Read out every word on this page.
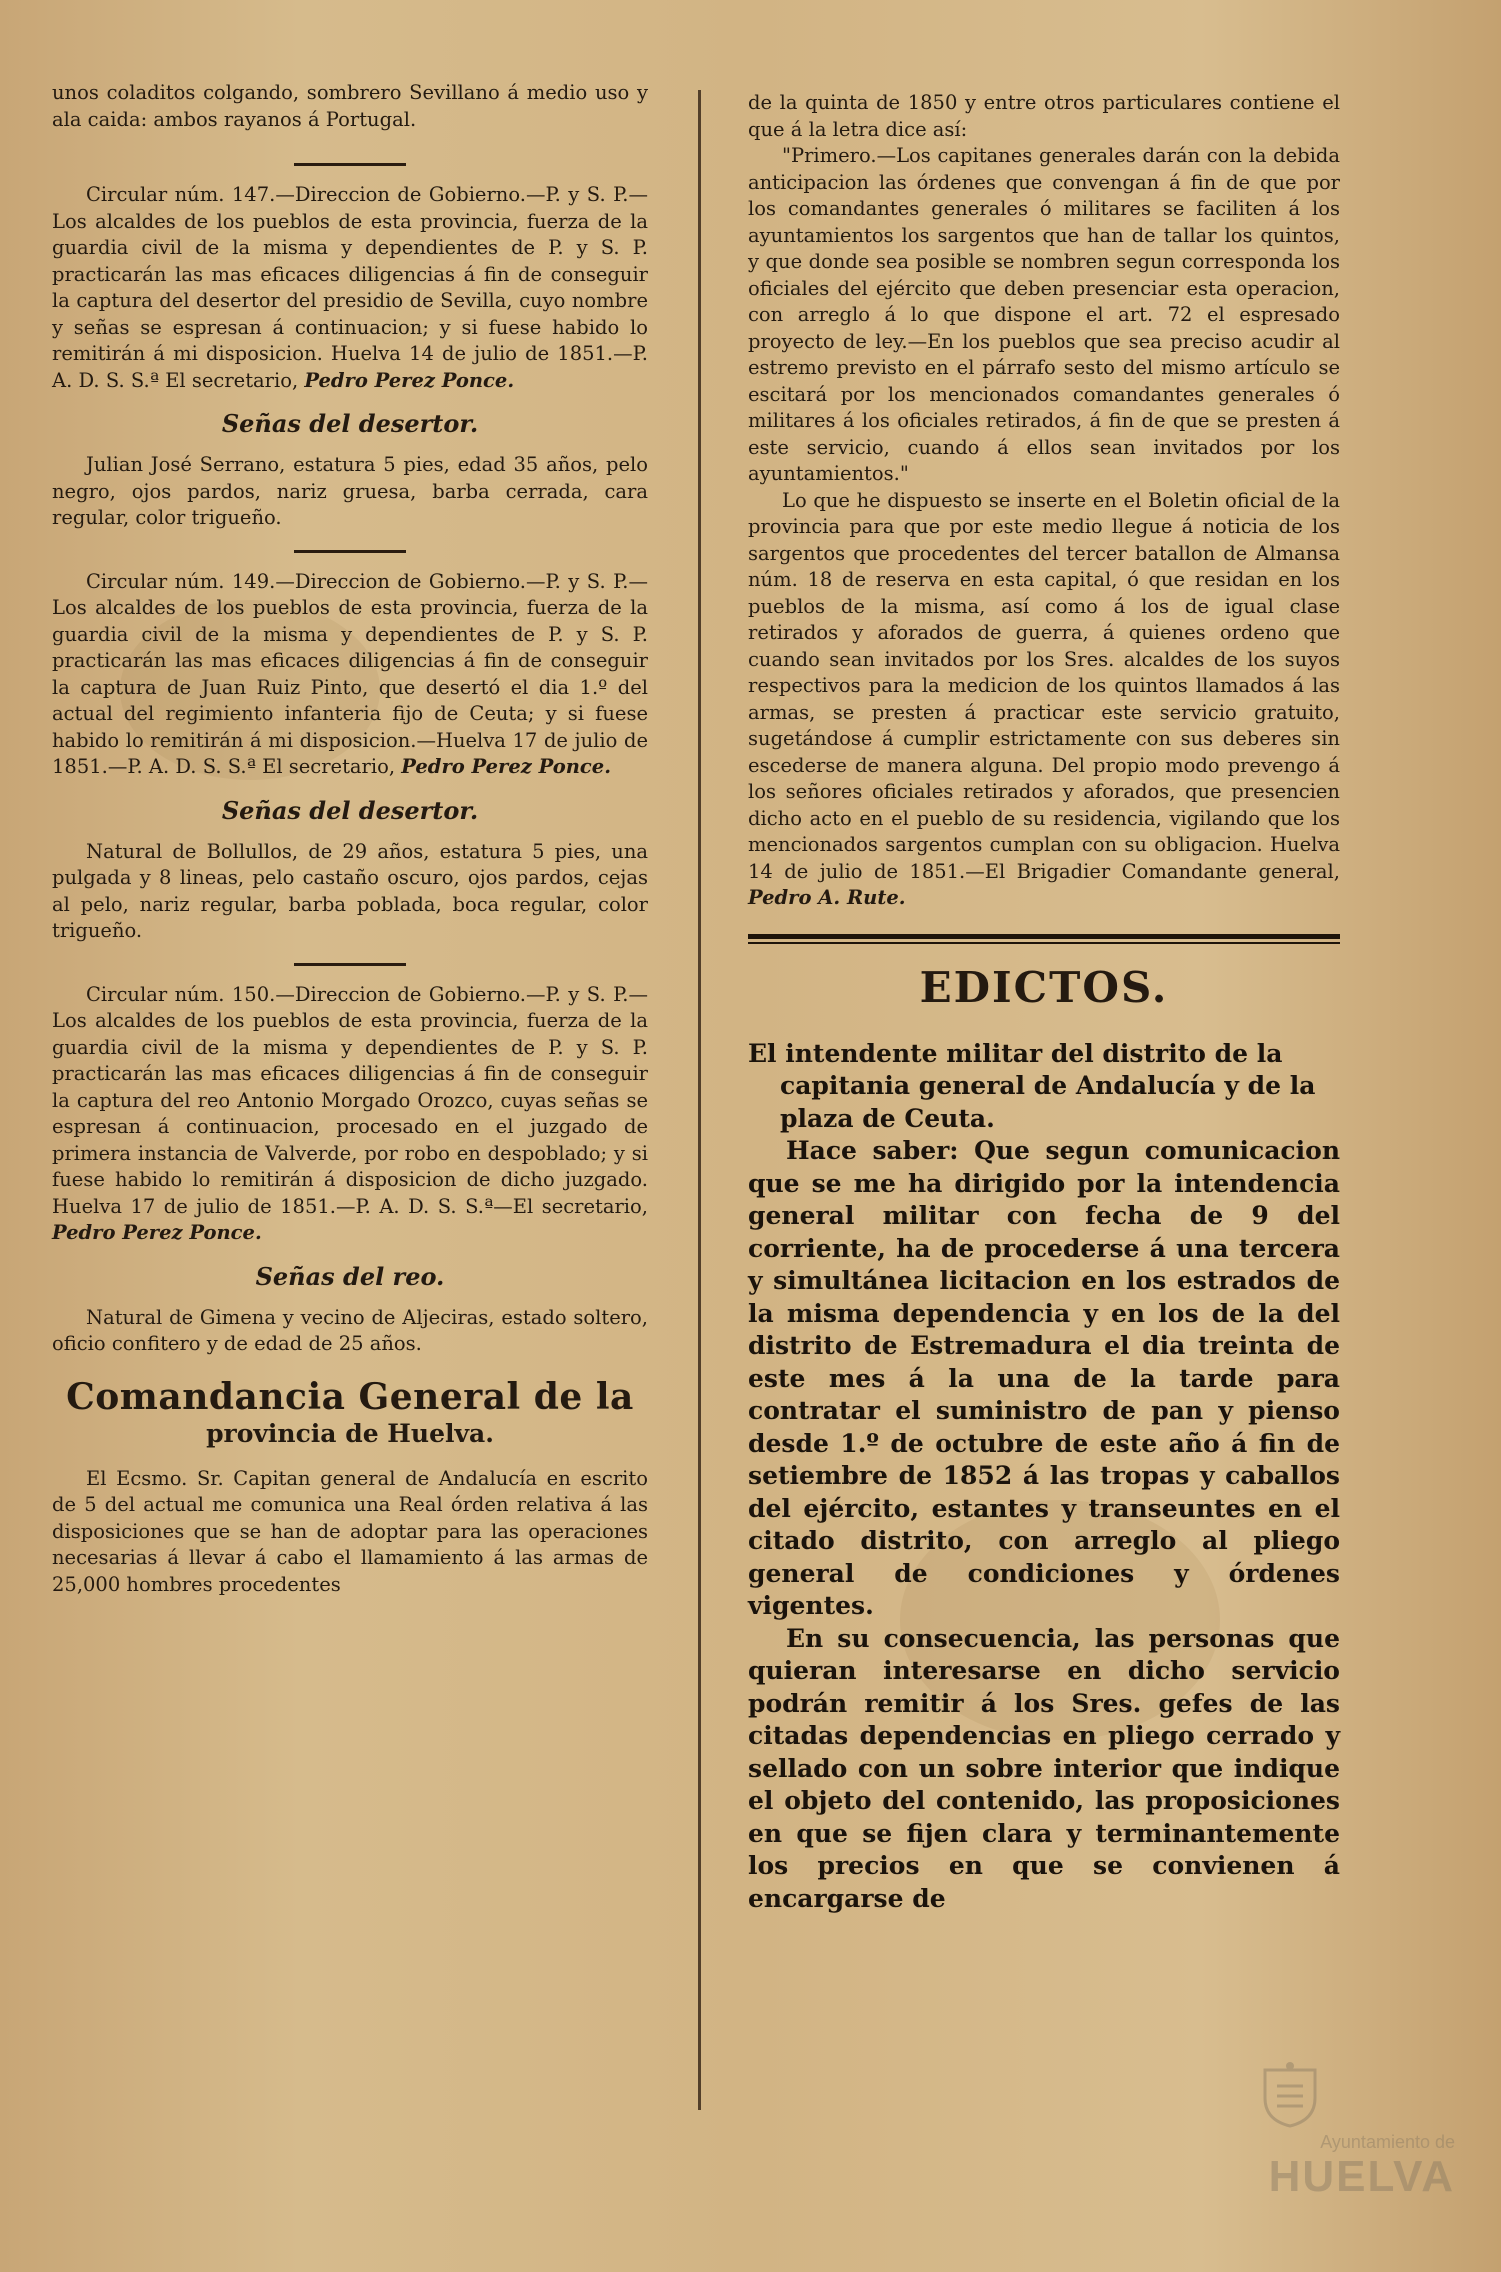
unos coladitos colgando, sombrero Sevillano á medio uso y ala caida: ambos rayanos á Portugal.

Circular núm. 147.—Direccion de Gobierno.—P. y S. P.—Los alcaldes de los pueblos de esta provincia, fuerza de la guardia civil de la misma y dependientes de P. y S. P. practicarán las mas eficaces diligencias á fin de conseguir la captura del desertor del presidio de Sevilla, cuyo nombre y señas se espresan á continuacion; y si fuese habido lo remitirán á mi disposicion. Huelva 14 de julio de 1851.—P. A. D. S. S.ª El secretario, Pedro Perez Ponce.

Señas del desertor.

Julian José Serrano, estatura 5 pies, edad 35 años, pelo negro, ojos pardos, nariz gruesa, barba cerrada, cara regular, color trigueño.

Circular núm. 149.—Direccion de Gobierno.—P. y S. P.—Los alcaldes de los pueblos de esta provincia, fuerza de la guardia civil de la misma y dependientes de P. y S. P. practicarán las mas eficaces diligencias á fin de conseguir la captura de Juan Ruiz Pinto, que desertó el dia 1.º del actual del regimiento infanteria fijo de Ceuta; y si fuese habido lo remitirán á mi disposicion.—Huelva 17 de julio de 1851.—P. A. D. S. S.ª El secretario, Pedro Perez Ponce.

Señas del desertor.

Natural de Bollullos, de 29 años, estatura 5 pies, una pulgada y 8 lineas, pelo castaño oscuro, ojos pardos, cejas al pelo, nariz regular, barba poblada, boca regular, color trigueño.

Circular núm. 150.—Direccion de Gobierno.—P. y S. P.—Los alcaldes de los pueblos de esta provincia, fuerza de la guardia civil de la misma y dependientes de P. y S. P. practicarán las mas eficaces diligencias á fin de conseguir la captura del reo Antonio Morgado Orozco, cuyas señas se espresan á continuacion, procesado en el juzgado de primera instancia de Valverde, por robo en despoblado; y si fuese habido lo remitirán á disposicion de dicho juzgado. Huelva 17 de julio de 1851.—P. A. D. S. S.ª—El secretario, Pedro Perez Ponce.

Señas del reo.

Natural de Gimena y vecino de Aljeciras, estado soltero, oficio confitero y de edad de 25 años.

Comandancia General de la
provincia de Huelva.

El Ecsmo. Sr. Capitan general de Andalucía en escrito de 5 del actual me comunica una Real órden relativa á las disposiciones que se han de adoptar para las operaciones necesarias á llevar á cabo el llamamiento á las armas de 25,000 hombres procedentes

de la quinta de 1850 y entre otros particulares contiene el que á la letra dice así:

"Primero.—Los capitanes generales darán con la debida anticipacion las órdenes que convengan á fin de que por los comandantes generales ó militares se faciliten á los ayuntamientos los sargentos que han de tallar los quintos, y que donde sea posible se nombren segun corresponda los oficiales del ejército que deben presenciar esta operacion, con arreglo á lo que dispone el art. 72 el espresado proyecto de ley.—En los pueblos que sea preciso acudir al estremo previsto en el párrafo sesto del mismo artículo se escitará por los mencionados comandantes generales ó militares á los oficiales retirados, á fin de que se presten á este servicio, cuando á ellos sean invitados por los ayuntamientos."

Lo que he dispuesto se inserte en el Boletin oficial de la provincia para que por este medio llegue á noticia de los sargentos que procedentes del tercer batallon de Almansa núm. 18 de reserva en esta capital, ó que residan en los pueblos de la misma, así como á los de igual clase retirados y aforados de guerra, á quienes ordeno que cuando sean invitados por los Sres. alcaldes de los suyos respectivos para la medicion de los quintos llamados á las armas, se presten á practicar este servicio gratuito, sugetándose á cumplir estrictamente con sus deberes sin escederse de manera alguna. Del propio modo prevengo á los señores oficiales retirados y aforados, que presencien dicho acto en el pueblo de su residencia, vigilando que los mencionados sargentos cumplan con su obligacion. Huelva 14 de julio de 1851.—El Brigadier Comandante general, Pedro A. Rute.

EDICTOS.

El intendente militar del distrito de la capitania general de Andalucía y de la plaza de Ceuta.

Hace saber: Que segun comunicacion que se me ha dirigido por la intendencia general militar con fecha de 9 del corriente, ha de procederse á una tercera y simultánea licitacion en los estrados de la misma dependencia y en los de la del distrito de Estremadura el dia treinta de este mes á la una de la tarde para contratar el suministro de pan y pienso desde 1.º de octubre de este año á fin de setiembre de 1852 á las tropas y caballos del ejército, estantes y transeuntes en el citado distrito, con arreglo al pliego general de condiciones y órdenes vigentes.

En su consecuencia, las personas que quieran interesarse en dicho servicio podrán remitir á los Sres. gefes de las citadas dependencias en pliego cerrado y sellado con un sobre interior que indique el objeto del contenido, las proposiciones en que se fijen clara y terminantemente los precios en que se convienen á encargarse de

Ayuntamiento de
HUELVA
